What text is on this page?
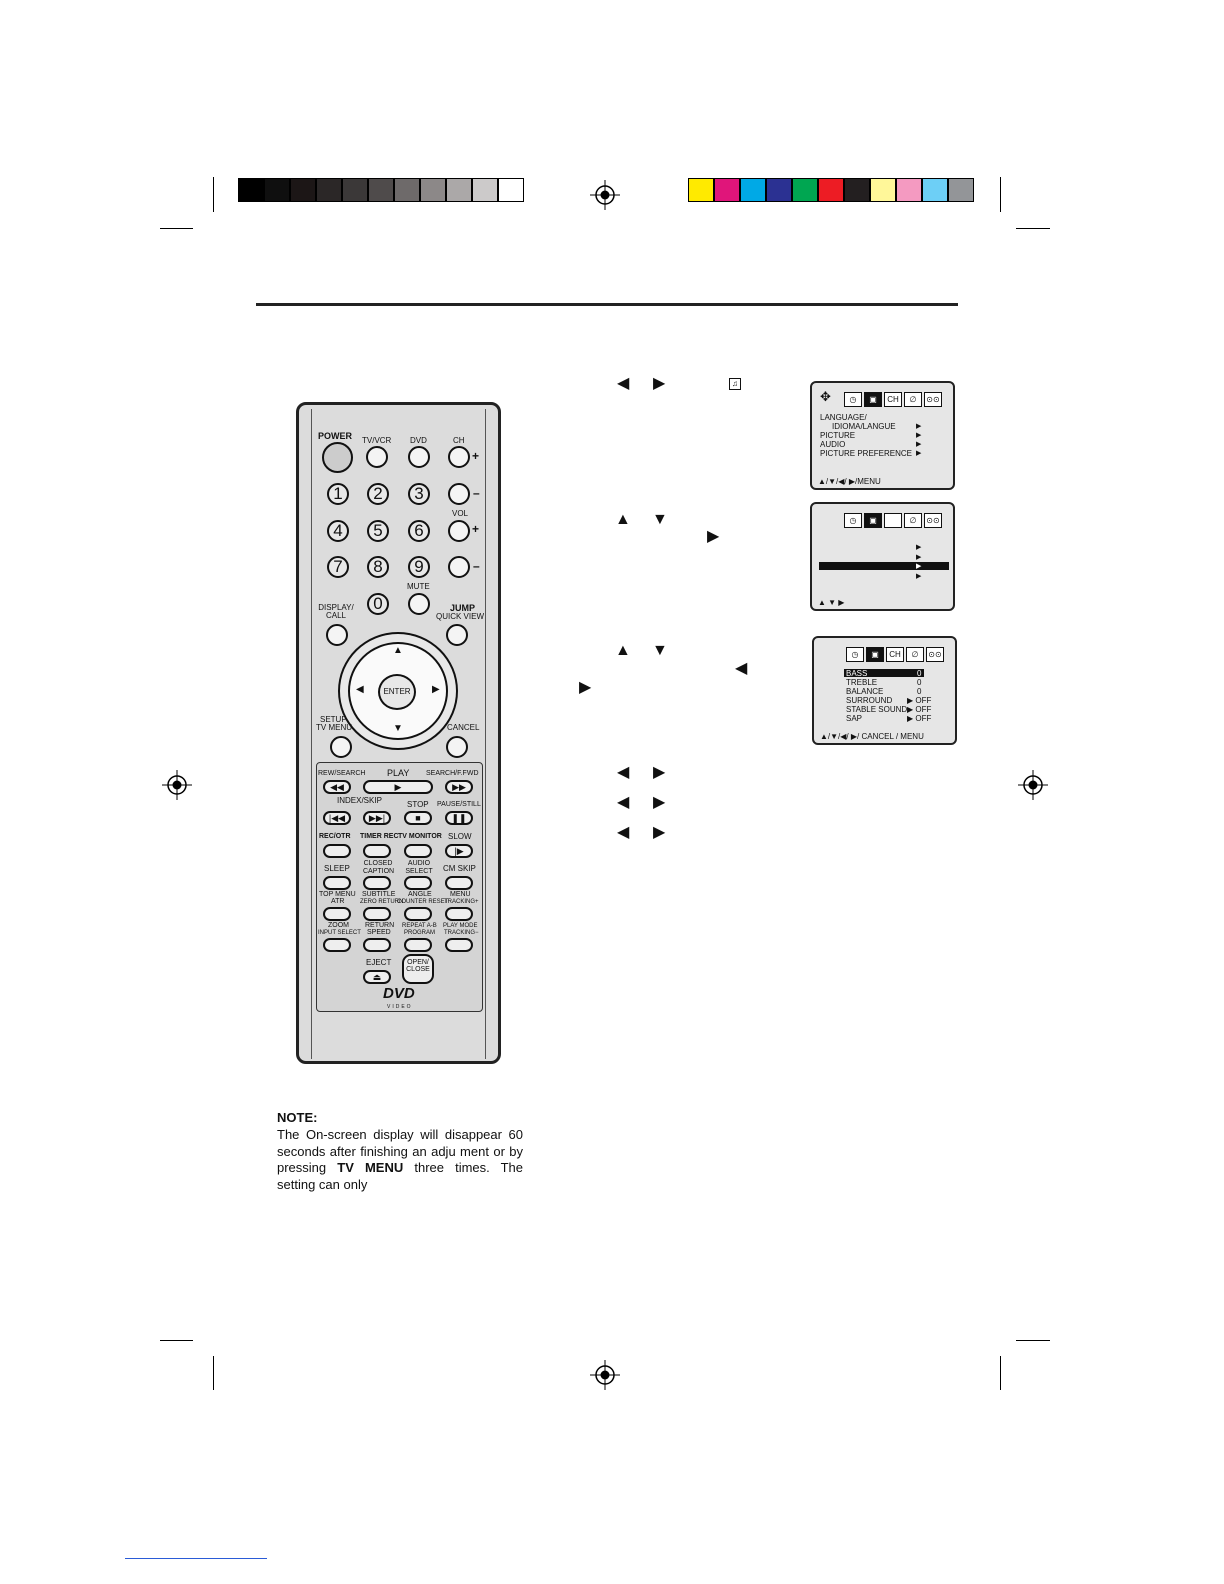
POWER TV/VCR DVD	CH
+
–
1	2	3
4	5	6
7	8	9
0
VOL
+
–
MUTE
DISPLAY/ CALL
JUMP
QUICK VIEW
▲
▼
◀	▶
ENTER
SETUP
TV MENU	CANCEL
REW/SEARCH PLAY SEARCH/F.FWD
◀◀	▶	▶▶
INDEX/SKIP	STOP PAUSE/STILL
|◀◀	▶▶|	■	❚❚
REC/OTR TIMER REC TV MONITOR SLOW
|▶
SLEEP
CLOSED CAPTION
AUDIO SELECT CM SKIP
TOP MENU
ATR
SUBTITLE
ZERO RETURN
ANGLE
COUNTER RESET
MENU
TRACKING+
ZOOM
INPUT SELECT
RETURN
SPEED
REPEAT A-B
PROGRAM
PLAY MODE
TRACKING−
EJECT
⏏
OPEN/ CLOSE
DVD
VIDEO
◀ ▶	♫
▲ ▼
▶
▲ ▼
◀
▶
◀ ▶
◀ ▶
◀ ▶
✥	◷	▣	CH	∅	⊙⊙
LANGUAGE/
IDIOMA/LANGUE
PICTURE
AUDIO
PICTURE PREFERENCE
▶
▶
▶
▶
▲/▼/◀/ ▶/MENU
◷	▣	∅	⊙⊙
▶
▶
▶
▶
▲ ▼ ▶
◷	▣	CH	∅	⊙⊙
BASS	0
TREBLE	0
BALANCE	0
SURROUND ▶ OFF
STABLE SOUND ▶ OFF
SAP	▶ OFF
▲/▼/◀/ ▶/ CANCEL / MENU
NOTE:
The On-screen display will disappear 60 seconds after finishing an adju ment or by pressing TV MENU three times. The setting can only
